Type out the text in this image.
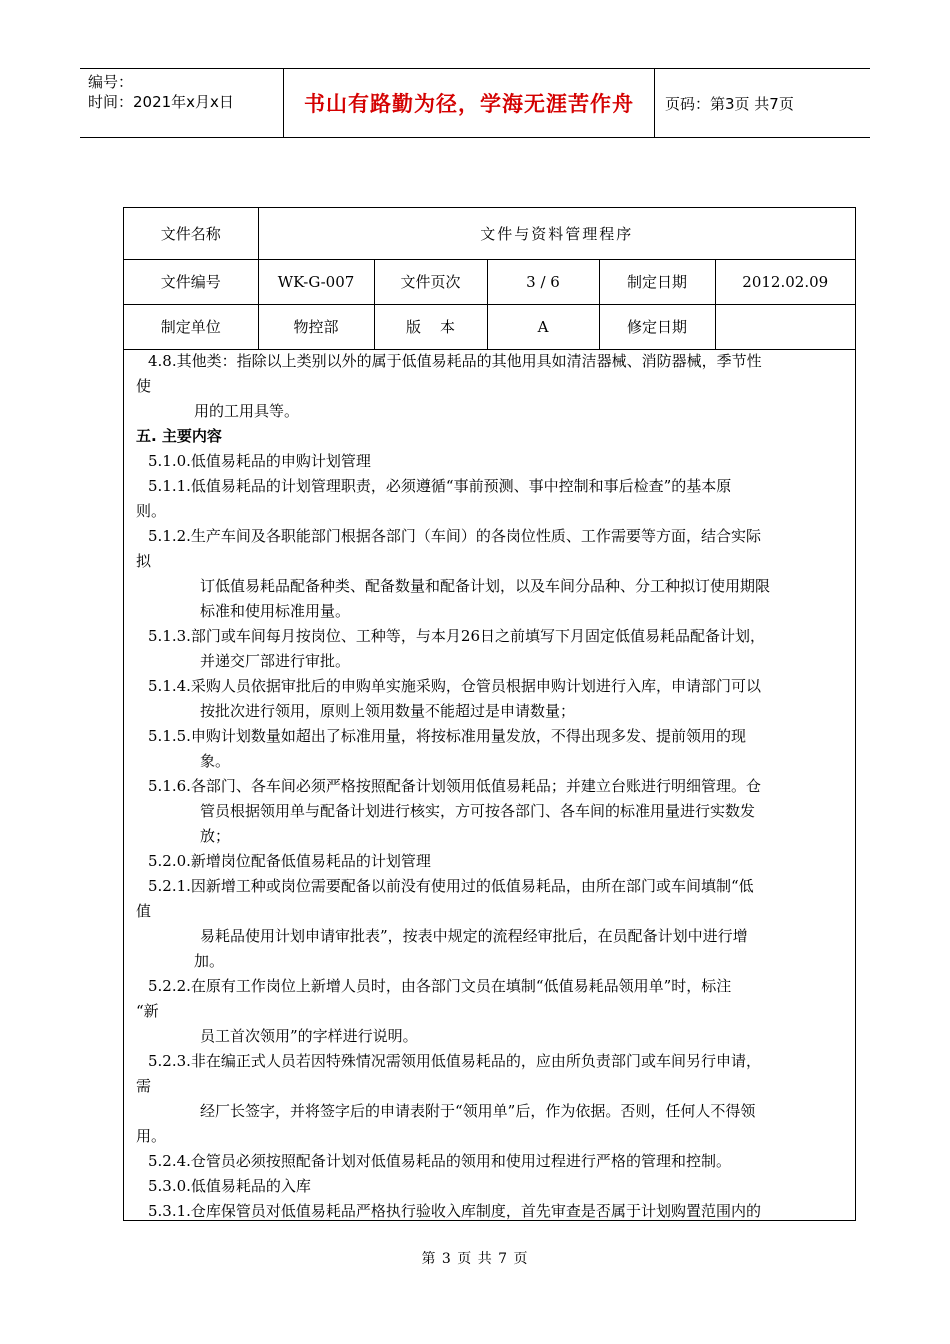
编号：
时间：2021年x月x日	书山有路勤为径，学海无涯苦作舟	页码：第3页 共7页
文件名称	文件与资料管理程序				
文件编号	WK-G-007	文件页次	3 / 6	制定日期	2012.02.09
制定单位	物控部	版    本	A	修定日期	

4.8.其他类：指除以上类别以外的属于低值易耗品的其他用具如清洁器械、消防器械，季节性

使

用的工用具等。

五. 主要内容

5.1.0.低值易耗品的申购计划管理

5.1.1.低值易耗品的计划管理职责，必须遵循“事前预测、事中控制和事后检查”的基本原

则。

5.1.2.生产车间及各职能部门根据各部门（车间）的各岗位性质、工作需要等方面，结合实际

拟

订低值易耗品配备种类、配备数量和配备计划，以及车间分品种、分工种拟订使用期限

标准和使用标准用量。

5.1.3.部门或车间每月按岗位、工种等，与本月26日之前填写下月固定低值易耗品配备计划，

并递交厂部进行审批。

5.1.4.采购人员依据审批后的申购单实施采购，仓管员根据申购计划进行入库，申请部门可以

按批次进行领用，原则上领用数量不能超过是申请数量；

5.1.5.申购计划数量如超出了标准用量，将按标准用量发放，不得出现多发、提前领用的现

象。

5.1.6.各部门、各车间必须严格按照配备计划领用低值易耗品；并建立台账进行明细管理。仓

管员根据领用单与配备计划进行核实，方可按各部门、各车间的标准用量进行实数发

放；

5.2.0.新增岗位配备低值易耗品的计划管理

5.2.1.因新增工种或岗位需要配备以前没有使用过的低值易耗品，由所在部门或车间填制“低

值

易耗品使用计划申请审批表”，按表中规定的流程经审批后，在员配备计划中进行增

加。

5.2.2.在原有工作岗位上新增人员时，由各部门文员在填制“低值易耗品领用单”时，标注

“新

员工首次领用”的字样进行说明。

5.2.3.非在编正式人员若因特殊情况需领用低值易耗品的，应由所负责部门或车间另行申请，

需

经厂长签字，并将签字后的申请表附于“领用单”后，作为依据。否则，任何人不得领

用。

5.2.4.仓管员必须按照配备计划对低值易耗品的领用和使用过程进行严格的管理和控制。

5.3.0.低值易耗品的入库

5.3.1.仓库保管员对低值易耗品严格执行验收入库制度，首先审查是否属于计划购置范围内的

第 3 页 共 7 页
